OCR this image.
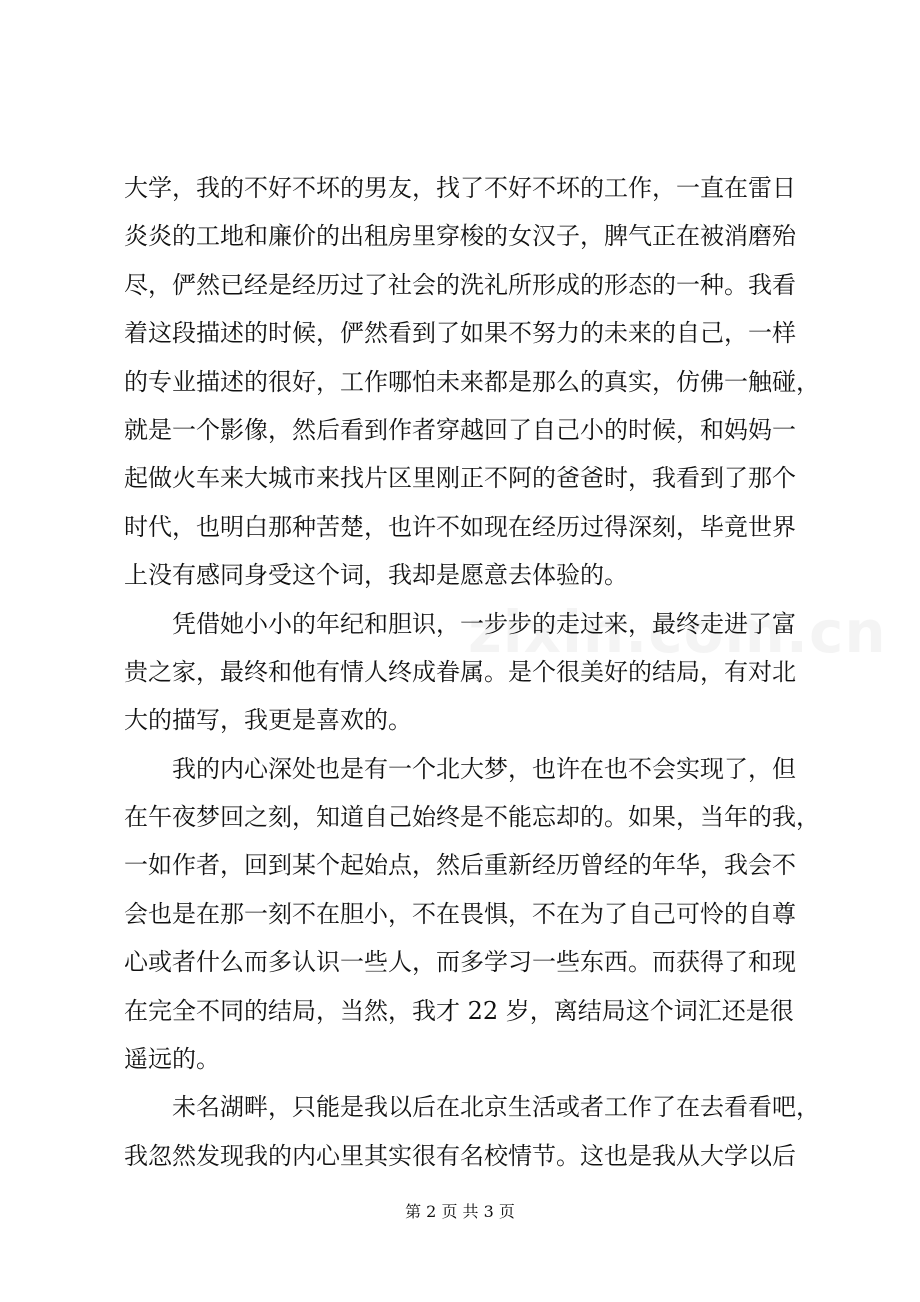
大学，我的不好不坏的男友，找了不好不坏的工作，一直在雷日
炎炎的工地和廉价的出租房里穿梭的女汉子，脾气正在被消磨殆
尽，俨然已经是经历过了社会的洗礼所形成的形态的一种。我看
着这段描述的时候，俨然看到了如果不努力的未来的自己，一样
的专业描述的很好，工作哪怕未来都是那么的真实，仿佛一触碰，
就是一个影像，然后看到作者穿越回了自己小的时候，和妈妈一
起做火车来大城市来找片区里刚正不阿的爸爸时，我看到了那个
时代，也明白那种苦楚，也许不如现在经历过得深刻，毕竟世界
上没有感同身受这个词，我却是愿意去体验的。
凭借她小小的年纪和胆识，一步步的走过来，最终走进了富
贵之家，最终和他有情人终成眷属。是个很美好的结局，有对北
大的描写，我更是喜欢的。
我的内心深处也是有一个北大梦，也许在也不会实现了，但
在午夜梦回之刻，知道自己始终是不能忘却的。如果，当年的我，
一如作者，回到某个起始点，然后重新经历曾经的年华，我会不
会也是在那一刻不在胆小，不在畏惧，不在为了自己可怜的自尊
心或者什么而多认识一些人，而多学习一些东西。而获得了和现
在完全不同的结局，当然，我才 22 岁，离结局这个词汇还是很
遥远的。
未名湖畔，只能是我以后在北京生活或者工作了在去看看吧，
我忽然发现我的内心里其实很有名校情节。这也是我从大学以后
第 2 页 共 3 页
